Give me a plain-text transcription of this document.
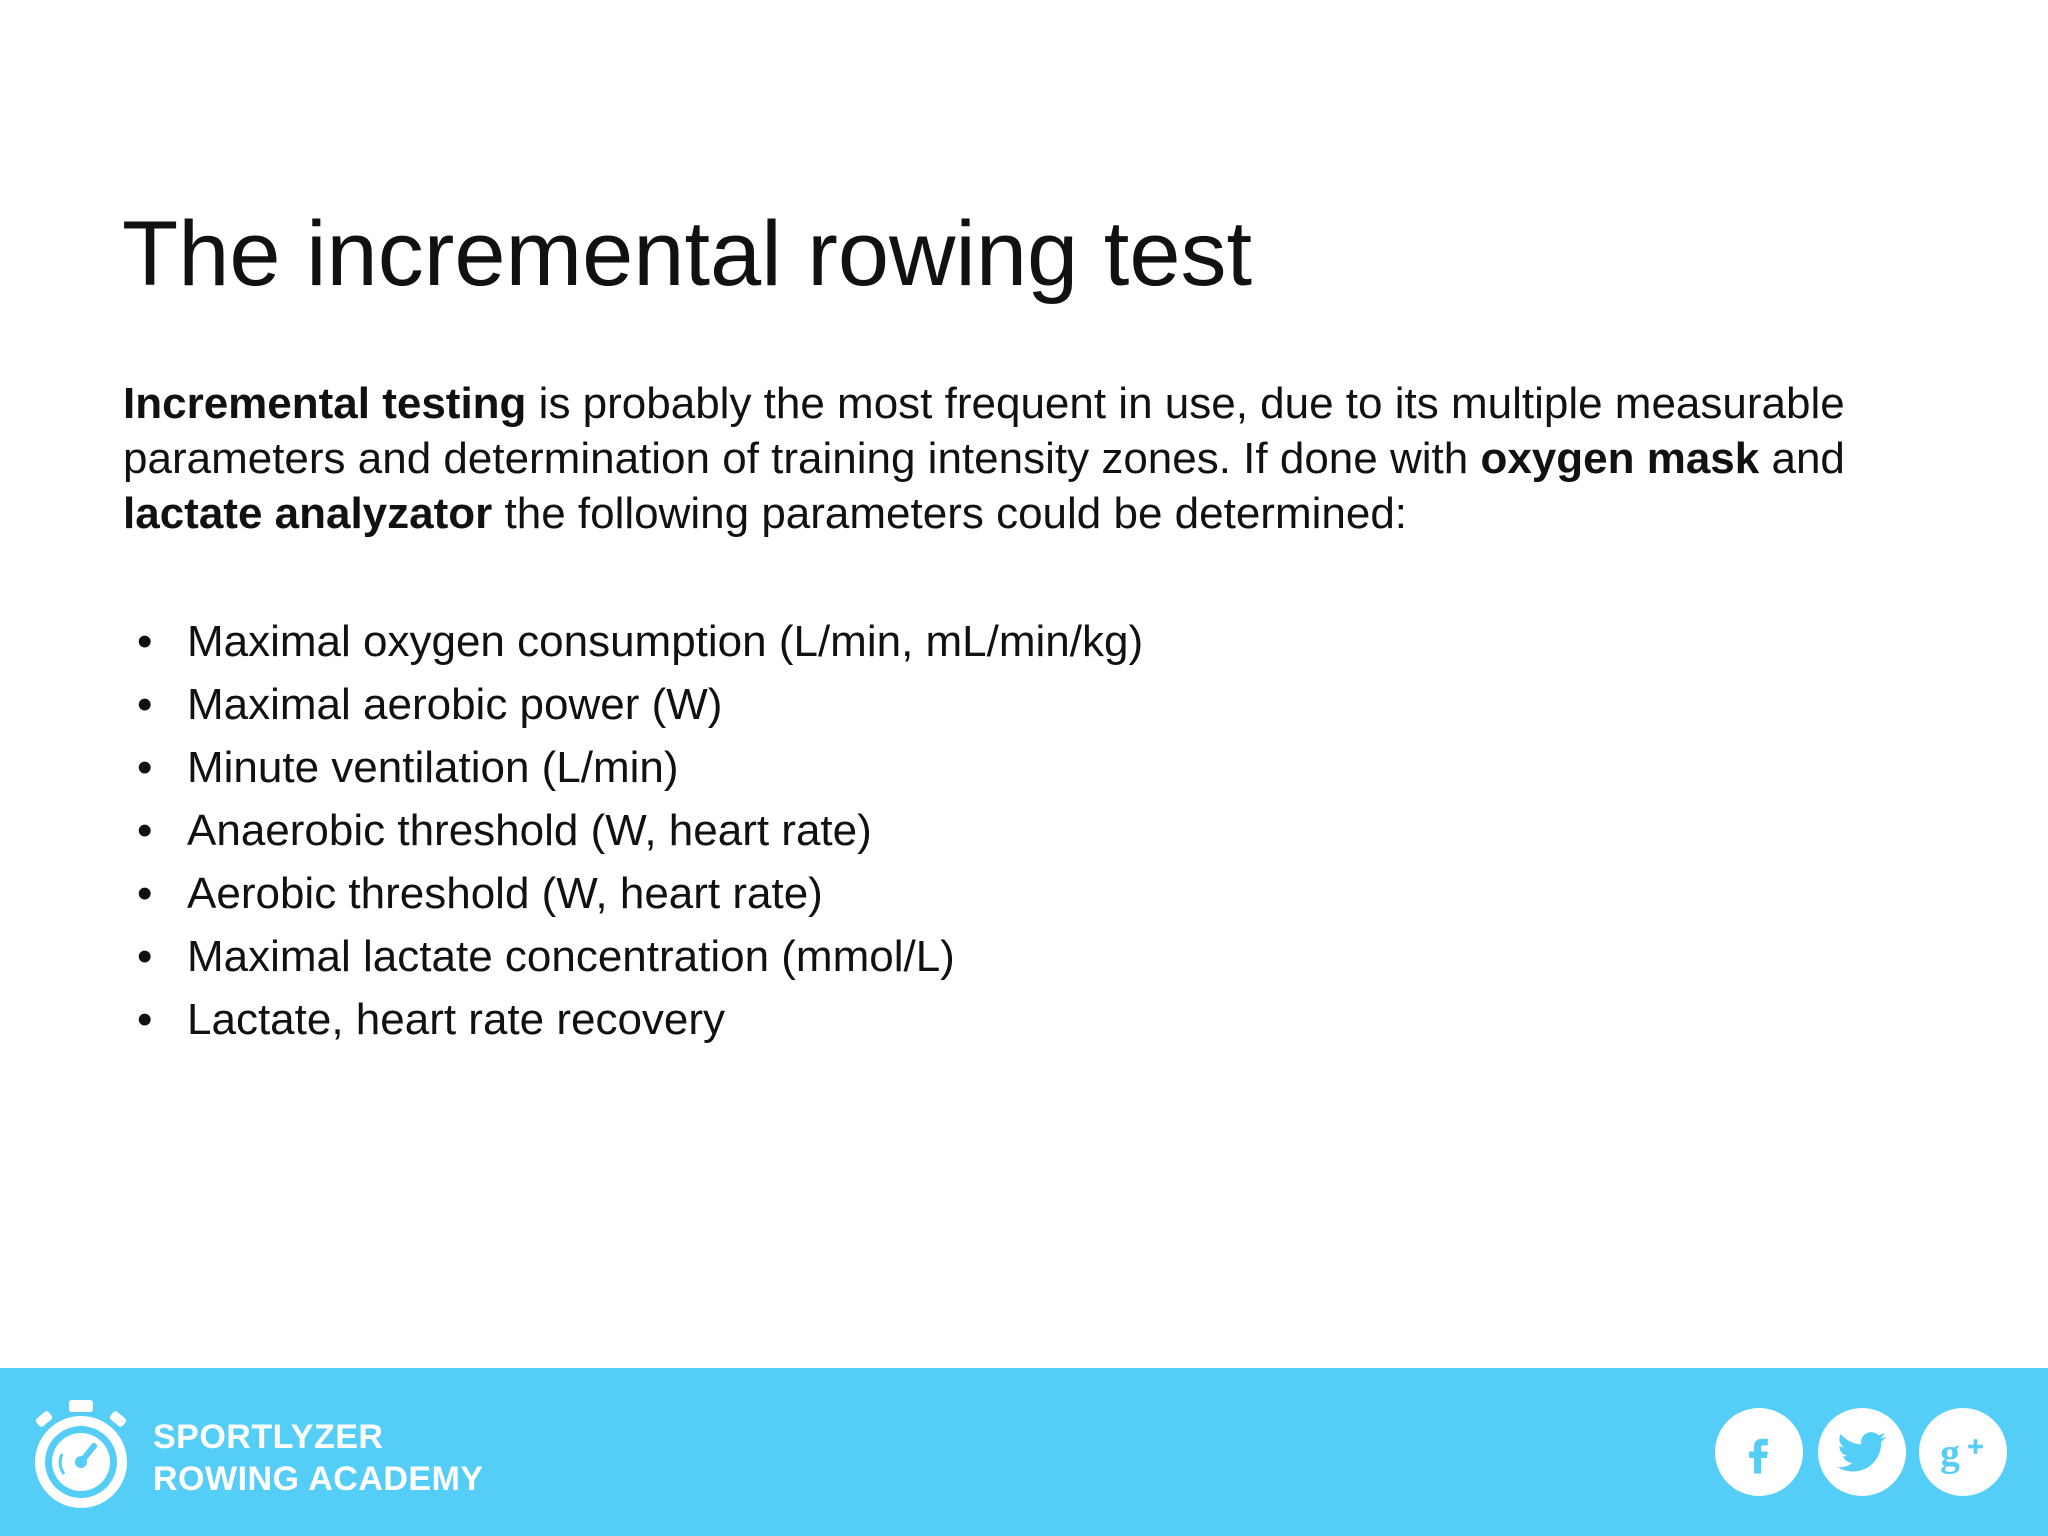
The incremental rowing test

Incremental testing is probably the most frequent in use, due to its multiple measurable parameters and determination of training intensity zones. If done with oxygen mask and lactate analyzator the following parameters could be determined:

• Maximal oxygen consumption (L/min, mL/min/kg)
• Maximal aerobic power (W)
• Minute ventilation (L/min)
• Anaerobic threshold (W, heart rate)
• Aerobic threshold (W, heart rate)
• Maximal lactate concentration (mmol/L)
• Lactate, heart rate recovery
SPORTLYZER
ROWING ACADEMY
g
